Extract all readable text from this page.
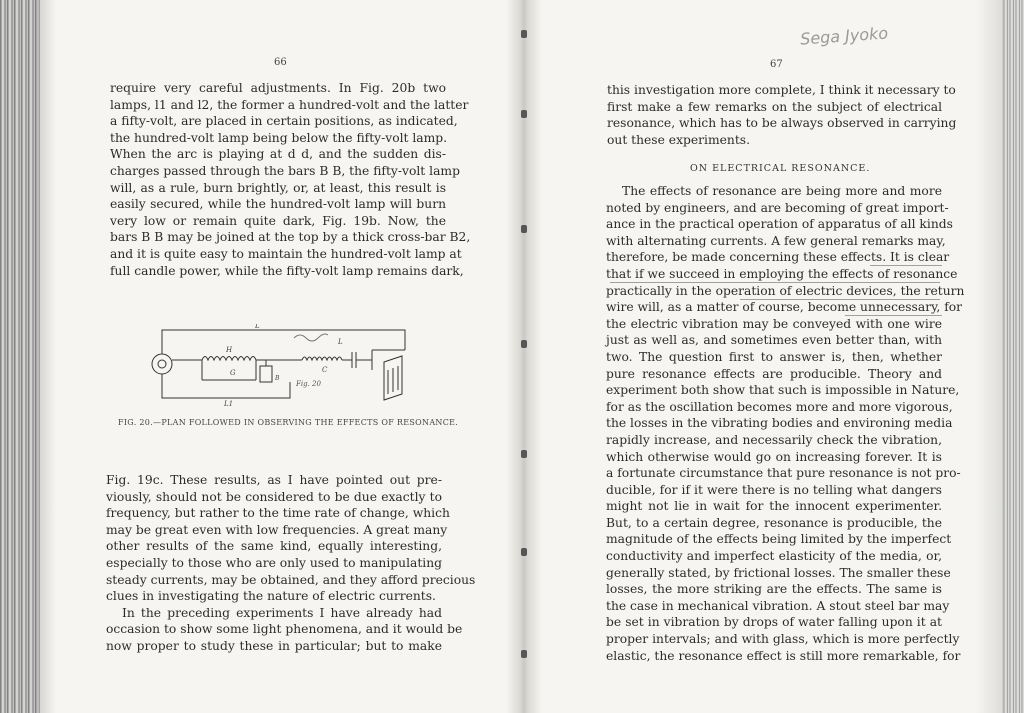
66
require very careful adjustments. In Fig. 20b two
lamps, l1 and l2, the former a hundred-volt and the latter
a fifty-volt, are placed in certain positions, as indicated,
the hundred-volt lamp being below the fifty-volt lamp.
When the arc is playing at d d, and the sudden dis-
charges passed through the bars B B, the fifty-volt lamp
will, as a rule, burn brightly, or, at least, this result is
easily secured, while the hundred-volt lamp will burn
very low or remain quite dark, Fig. 19b. Now, the
bars B B may be joined at the top by a thick cross-bar B2,
and it is quite easy to maintain the hundred-volt lamp at
full candle power, while the fifty-volt lamp remains dark,
L
H
G
B
C
L
L1
Fig. 20
FIG. 20.—PLAN FOLLOWED IN OBSERVING THE EFFECTS OF RESONANCE.
Fig. 19c. These results, as I have pointed out pre-
viously, should not be considered to be due exactly to
frequency, but rather to the time rate of change, which
may be great even with low frequencies. A great many
other results of the same kind, equally interesting,
especially to those who are only used to manipulating
steady currents, may be obtained, and they afford precious
clues in investigating the nature of electric currents.
In the preceding experiments I have already had
occasion to show some light phenomena, and it would be
now proper to study these in particular; but to make
Sega Jyoko
67
this investigation more complete, I think it necessary to
first make a few remarks on the subject of electrical
resonance, which has to be always observed in carrying
out these experiments.
ON ELECTRICAL RESONANCE.
The effects of resonance are being more and more
noted by engineers, and are becoming of great import-
ance in the practical operation of apparatus of all kinds
with alternating currents. A few general remarks may,
therefore, be made concerning these effects. It is clear
that if we succeed in employing the effects of resonance
practically in the operation of electric devices, the return
wire will, as a matter of course, become unnecessary, for
the electric vibration may be conveyed with one wire
just as well as, and sometimes even better than, with
two. The question first to answer is, then, whether
pure resonance effects are producible. Theory and
experiment both show that such is impossible in Nature,
for as the oscillation becomes more and more vigorous,
the losses in the vibrating bodies and environing media
rapidly increase, and necessarily check the vibration,
which otherwise would go on increasing forever. It is
a fortunate circumstance that pure resonance is not pro-
ducible, for if it were there is no telling what dangers
might not lie in wait for the innocent experimenter.
But, to a certain degree, resonance is producible, the
magnitude of the effects being limited by the imperfect
conductivity and imperfect elasticity of the media, or,
generally stated, by frictional losses. The smaller these
losses, the more striking are the effects. The same is
the case in mechanical vibration. A stout steel bar may
be set in vibration by drops of water falling upon it at
proper intervals; and with glass, which is more perfectly
elastic, the resonance effect is still more remarkable, for
